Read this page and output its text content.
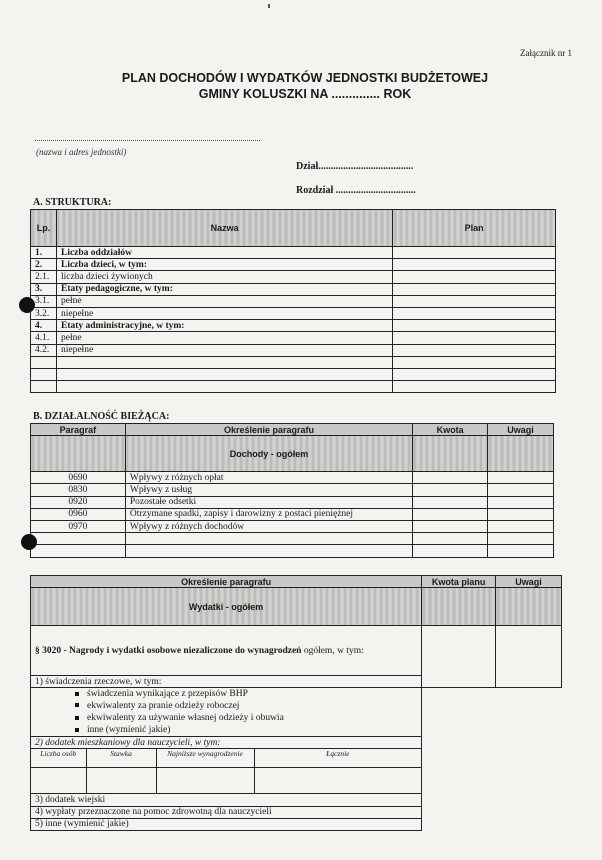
Załącznik nr 1
PLAN DOCHODÓW I WYDATKÓW JEDNOSTKI BUDŻETOWEJ
GMINY KOLUSZKI NA .............. ROK
(nazwa i adres jednostki)
Dział......................................
Rozdział ................................
A. STRUKTURA:
Lp.	Nazwa	Plan
1.	Liczba oddziałów	
2.	Liczba dzieci, w tym:	
2.1.	liczba dzieci żywionych	
3.	Etaty pedagogiczne, w tym:	
3.1.	pełne	
3.2.	niepełne	
4.	Etaty administracyjne, w tym:	
4.1.	pełne	
4.2.	niepełne	

B. DZIAŁALNOŚĆ BIEŻĄCA:
Paragraf	Określenie paragrafu	Kwota	Uwagi
	Dochody - ogółem		
0690	Wpływy z różnych opłat		
0830	Wpływy z usług		
0920	Pozostałe odsetki		
0960	Otrzymane spadki, zapisy i darowizny z postaci pieniężnej		
0970	Wpływy z różnych dochodów		

Określenie paragrafu	Kwota planu	Uwagi
Wydatki - ogółem		
§ 3020 - Nagrody i wydatki osobowe niezaliczone do wynagrodzeń ogółem, w tym:		
1) świadczenia rzeczowe, w tym:
świadczenia wynikające z przepisów BHP
ekwiwalenty za pranie odzieży roboczej
ekwiwalenty za używanie własnej odzieży i obuwia
inne (wymienić jakie)
2) dodatek mieszkaniowy dla nauczycieli, w tym:

Liczba osób	Stawka	Najniższe wynagrodzenie	Łącznie

3) dodatek wiejski
4) wypłaty przeznaczone na pomoc zdrowotną dla nauczycieli
5) inne (wymienić jakie)
